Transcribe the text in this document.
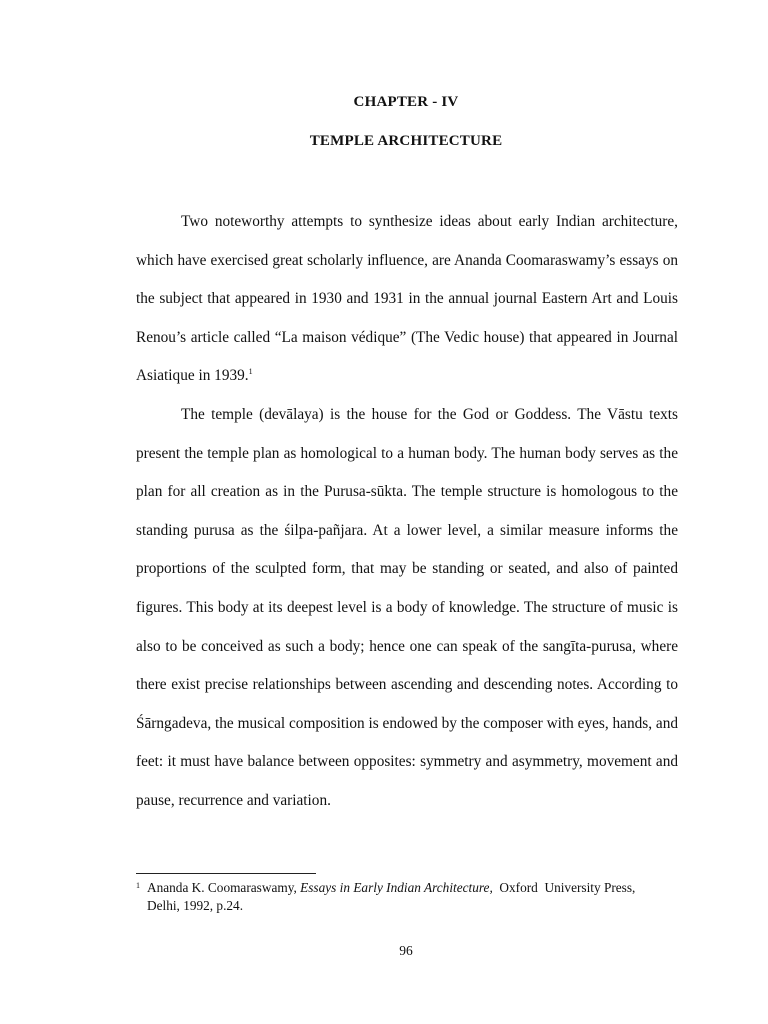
CHAPTER - IV
TEMPLE ARCHITECTURE

Two noteworthy attempts to synthesize ideas about early Indian architecture, which have exercised great scholarly influence, are Ananda Coomaraswamy’s essays on the subject that appeared in 1930 and 1931 in the annual journal Eastern Art and Louis Renou’s article called “La maison védique” (The Vedic house) that appeared in Journal Asiatique in 1939.$^1$

The temple (devālaya) is the house for the God or Goddess. The Vāstu texts present the temple plan as homological to a human body. The human body serves as the plan for all creation as in the Purusa-sūkta. The temple structure is homologous to the standing purusa as the śilpa-pañjara. At a lower level, a similar measure informs the proportions of the sculpted form, that may be standing or seated, and also of painted figures. This body at its deepest level is a body of knowledge. The structure of music is also to be conceived as such a body; hence one can speak of the sangīta-purusa, where there exist precise relationships between ascending and descending notes. According to Śārngadeva, the musical composition is endowed by the composer with eyes, hands, and feet: it must have balance between opposites: symmetry and asymmetry, movement and pause, recurrence and variation.

1 Ananda K. Coomaraswamy, Essays in Early Indian Architecture,  Oxford  University Press,
Delhi, 1992, p.24.
96
